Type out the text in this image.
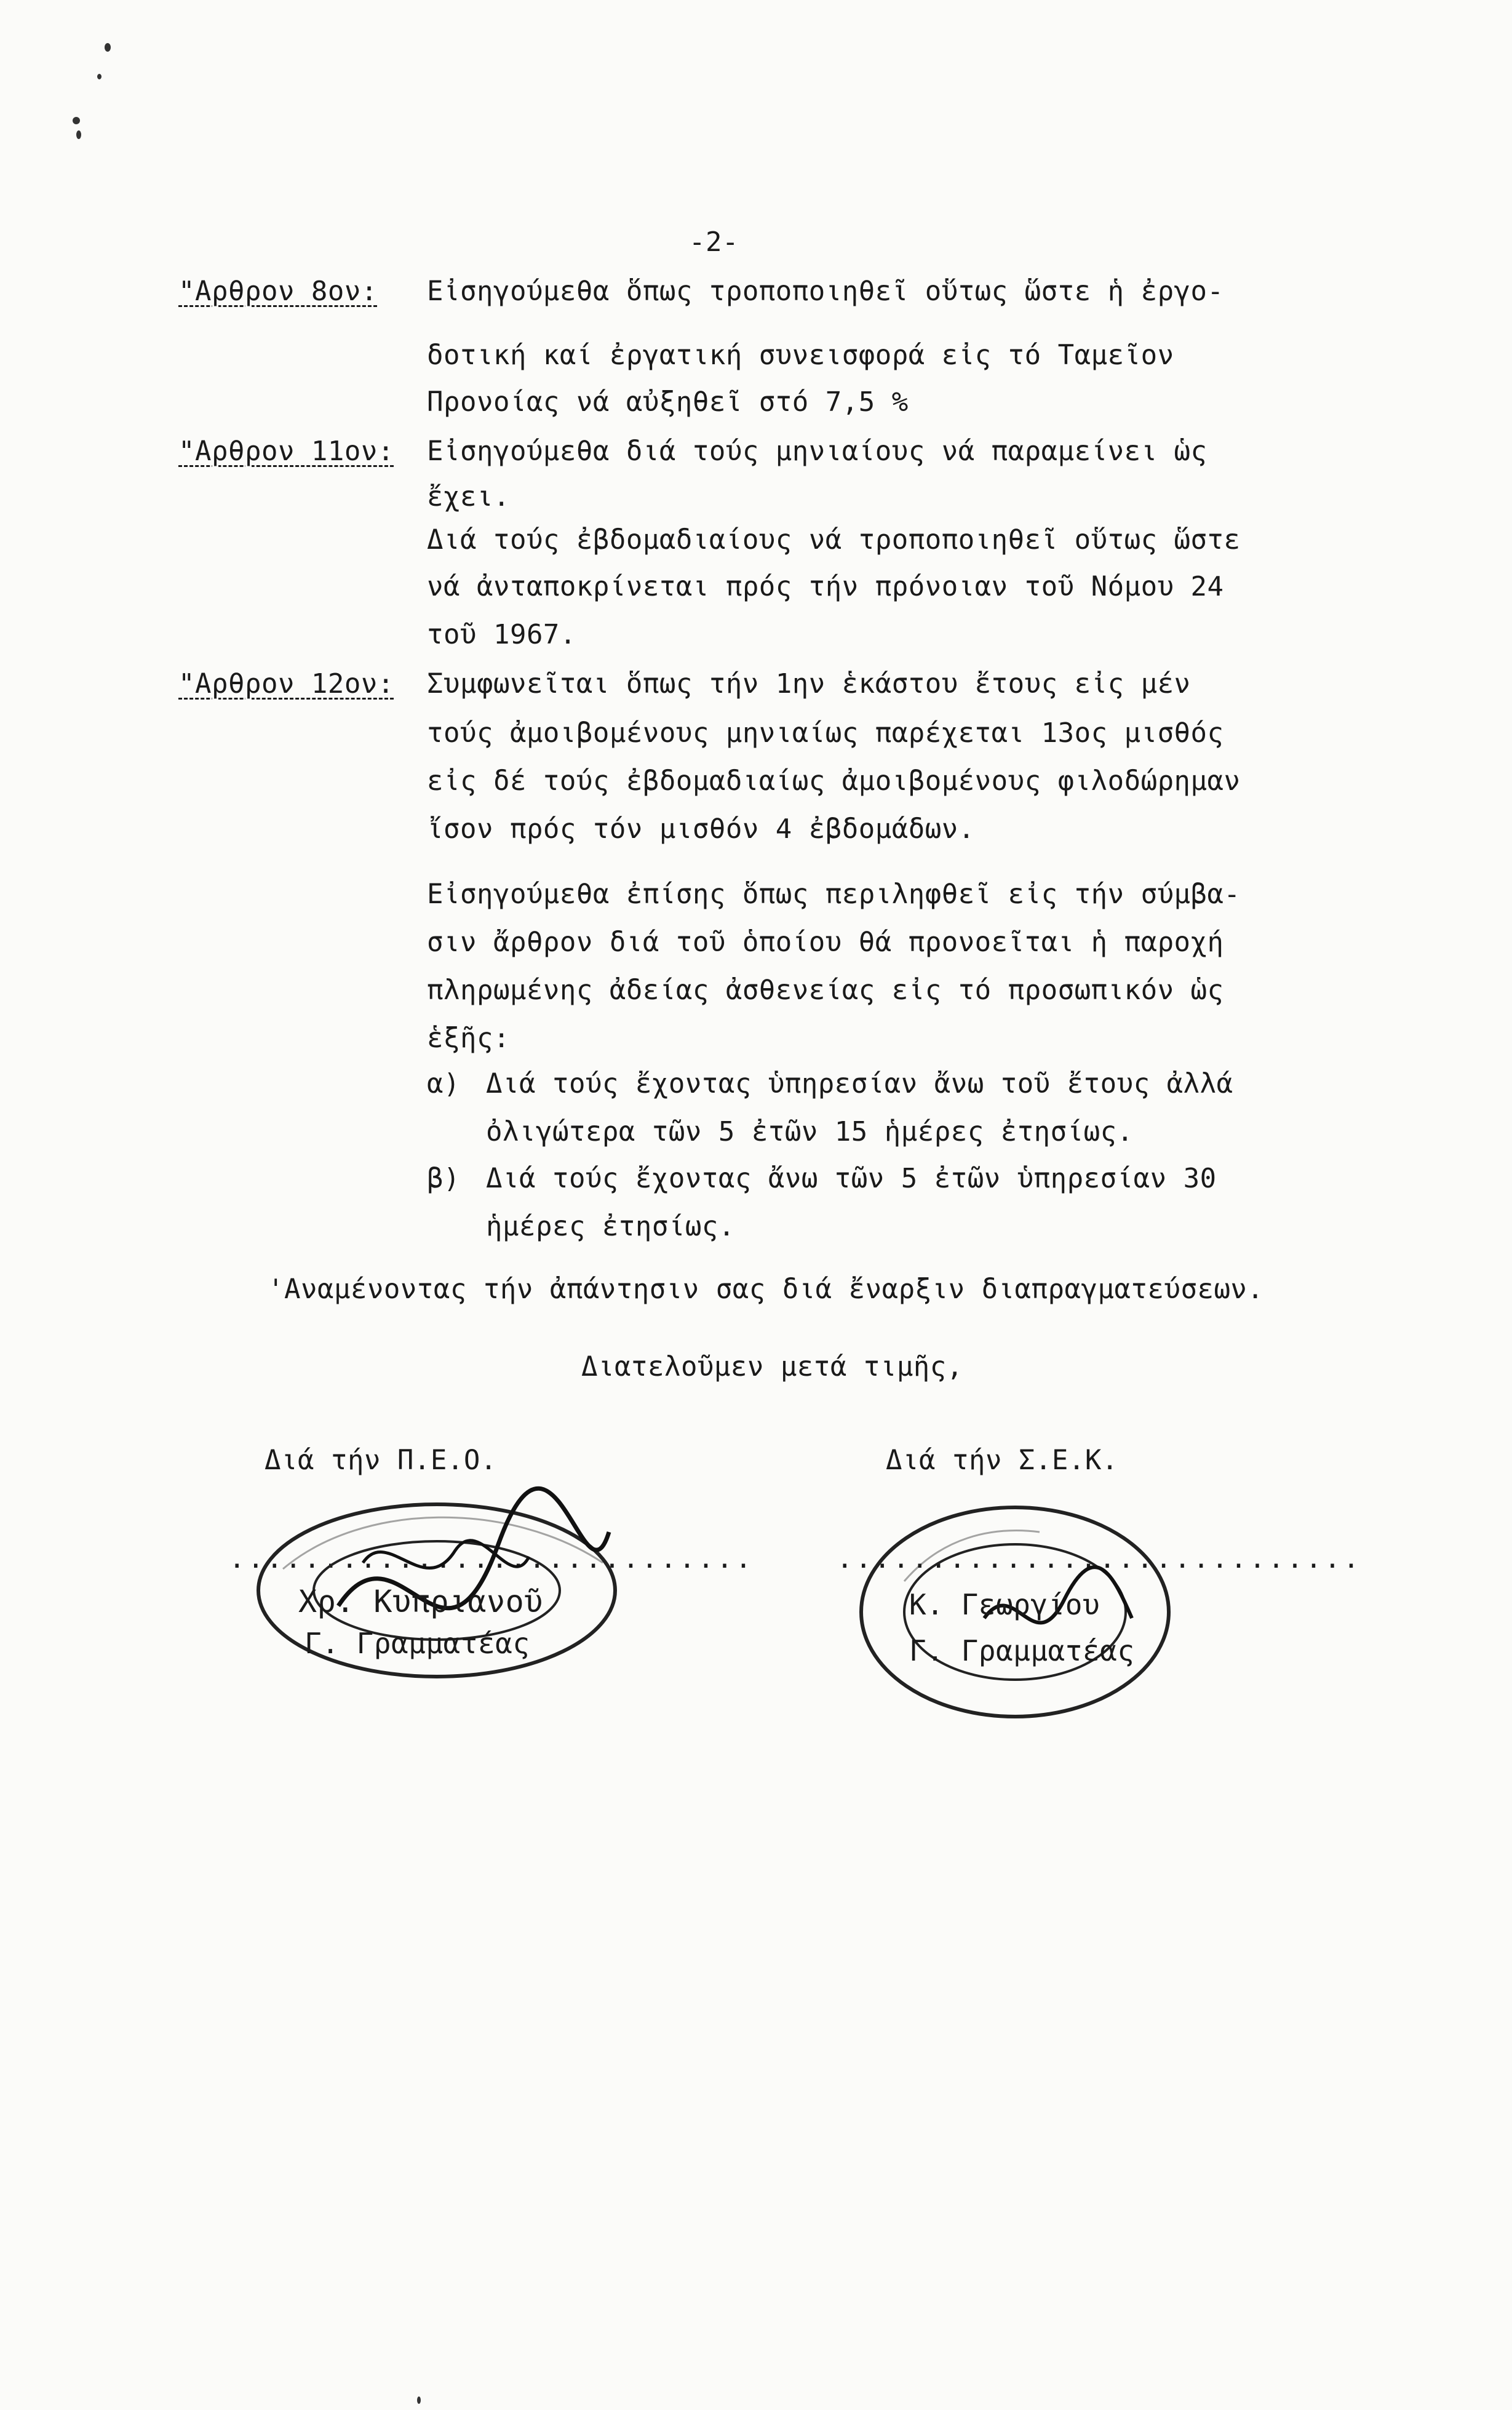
-2-
"Αρθρον 8ον: Εἰσηγούμεθα ὅπως τροποποιηθεῖ οὕτως ὥστε ἡ ἐργο-
δοτική καί ἐργατική συνεισφορά εἰς τό Ταμεῖον
Προνοίας νά αὐξηθεῖ στό 7,5 %
"Αρθρον 11ον: Εἰσηγούμεθα διά τούς μηνιαίους νά παραμείνει ὡς
ἔχει.
Διά τούς ἐβδομαδιαίους νά τροποποιηθεῖ οὕτως ὥστε
νά ἀνταποκρίνεται πρός τήν πρόνοιαν τοῦ Νόμου 24
τοῦ 1967.
"Αρθρον 12ον: Συμφωνεῖται ὅπως τήν 1ην ἑκάστου ἔτους εἰς μέν
τούς ἀμοιβομένους μηνιαίως παρέχεται 13ος μισθός
εἰς δέ τούς ἐβδομαδιαίως ἀμοιβομένους φιλοδώρημαν
ἴσον πρός τόν μισθόν 4 ἐβδομάδων.
Εἰσηγούμεθα ἐπίσης ὅπως περιληφθεῖ εἰς τήν σύμβα-
σιν ἄρθρον διά τοῦ ὁποίου θά προνοεῖται ἡ παροχή
πληρωμένης ἀδείας ἀσθενείας εἰς τό προσωπικόν ὡς
ἑξῆς:
α) Διά τούς ἔχοντας ὑπηρεσίαν ἄνω τοῦ ἔτους ἀλλά
ὀλιγώτερα τῶν 5 ἐτῶν 15 ἡμέρες ἐτησίως.
β) Διά τούς ἔχοντας ἄνω τῶν 5 ἐτῶν ὑπηρεσίαν 30
ἡμέρες ἐτησίως.
'Αναμένοντας τήν ἀπάντησιν σας διά ἔναρξιν διαπραγματεύσεων.
Διατελοῦμεν μετά τιμῆς,
Διά τήν Π.Ε.Ο.
............................
Χρ. Κυπριανοῦ
Γ. Γραμματέας
Διά τήν Σ.Ε.Κ.
............................
Κ. Γεωργίου
Γ. Γραμματέας
